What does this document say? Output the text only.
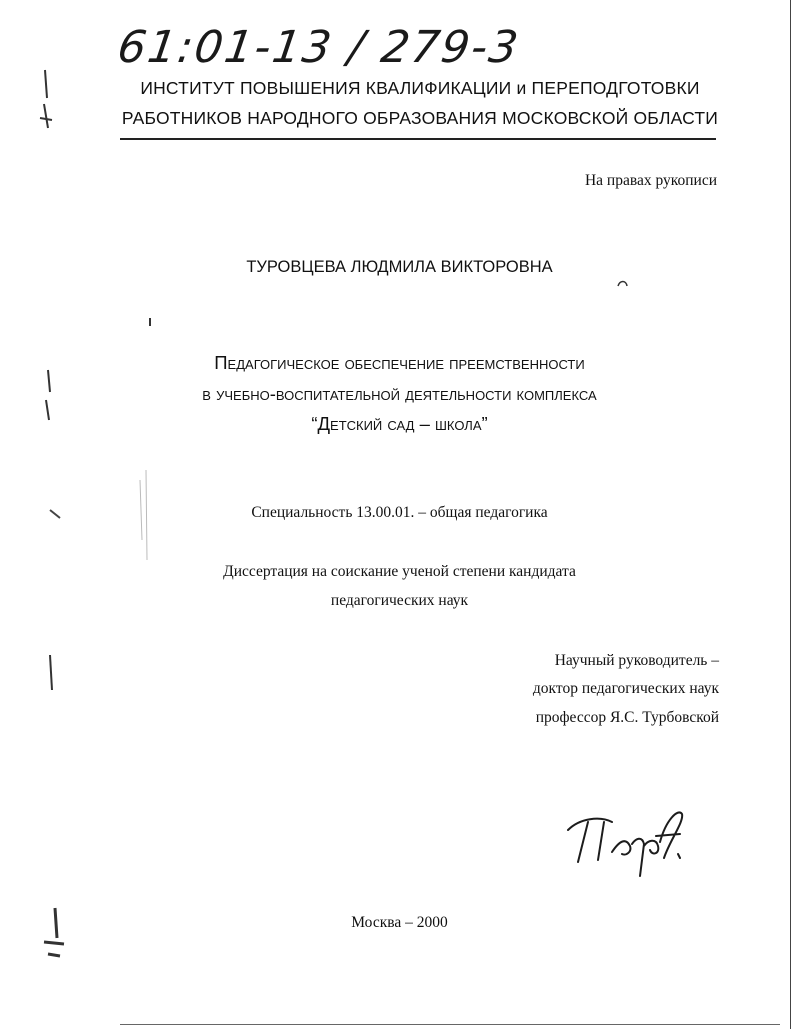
61:01-13 / 279-3
ИНСТИТУТ ПОВЫШЕНИЯ КВАЛИФИКАЦИИ и ПЕРЕПОДГОТОВКИ
РАБОТНИКОВ НАРОДНОГО ОБРАЗОВАНИЯ МОСКОВСКОЙ ОБЛАСТИ
На правах рукописи
ТУРОВЦЕВА ЛЮДМИЛА ВИКТОРОВНА
Педагогическое обеспечение преемственности
в учебно-воспитательной деятельности комплекса
“Детский сад – школа”
Специальность 13.00.01. – общая педагогика
Диссертация на соискание ученой степени кандидата
педагогических наук
Научный руководитель –
доктор педагогических наук
профессор Я.С. Турбовской
Москва – 2000
